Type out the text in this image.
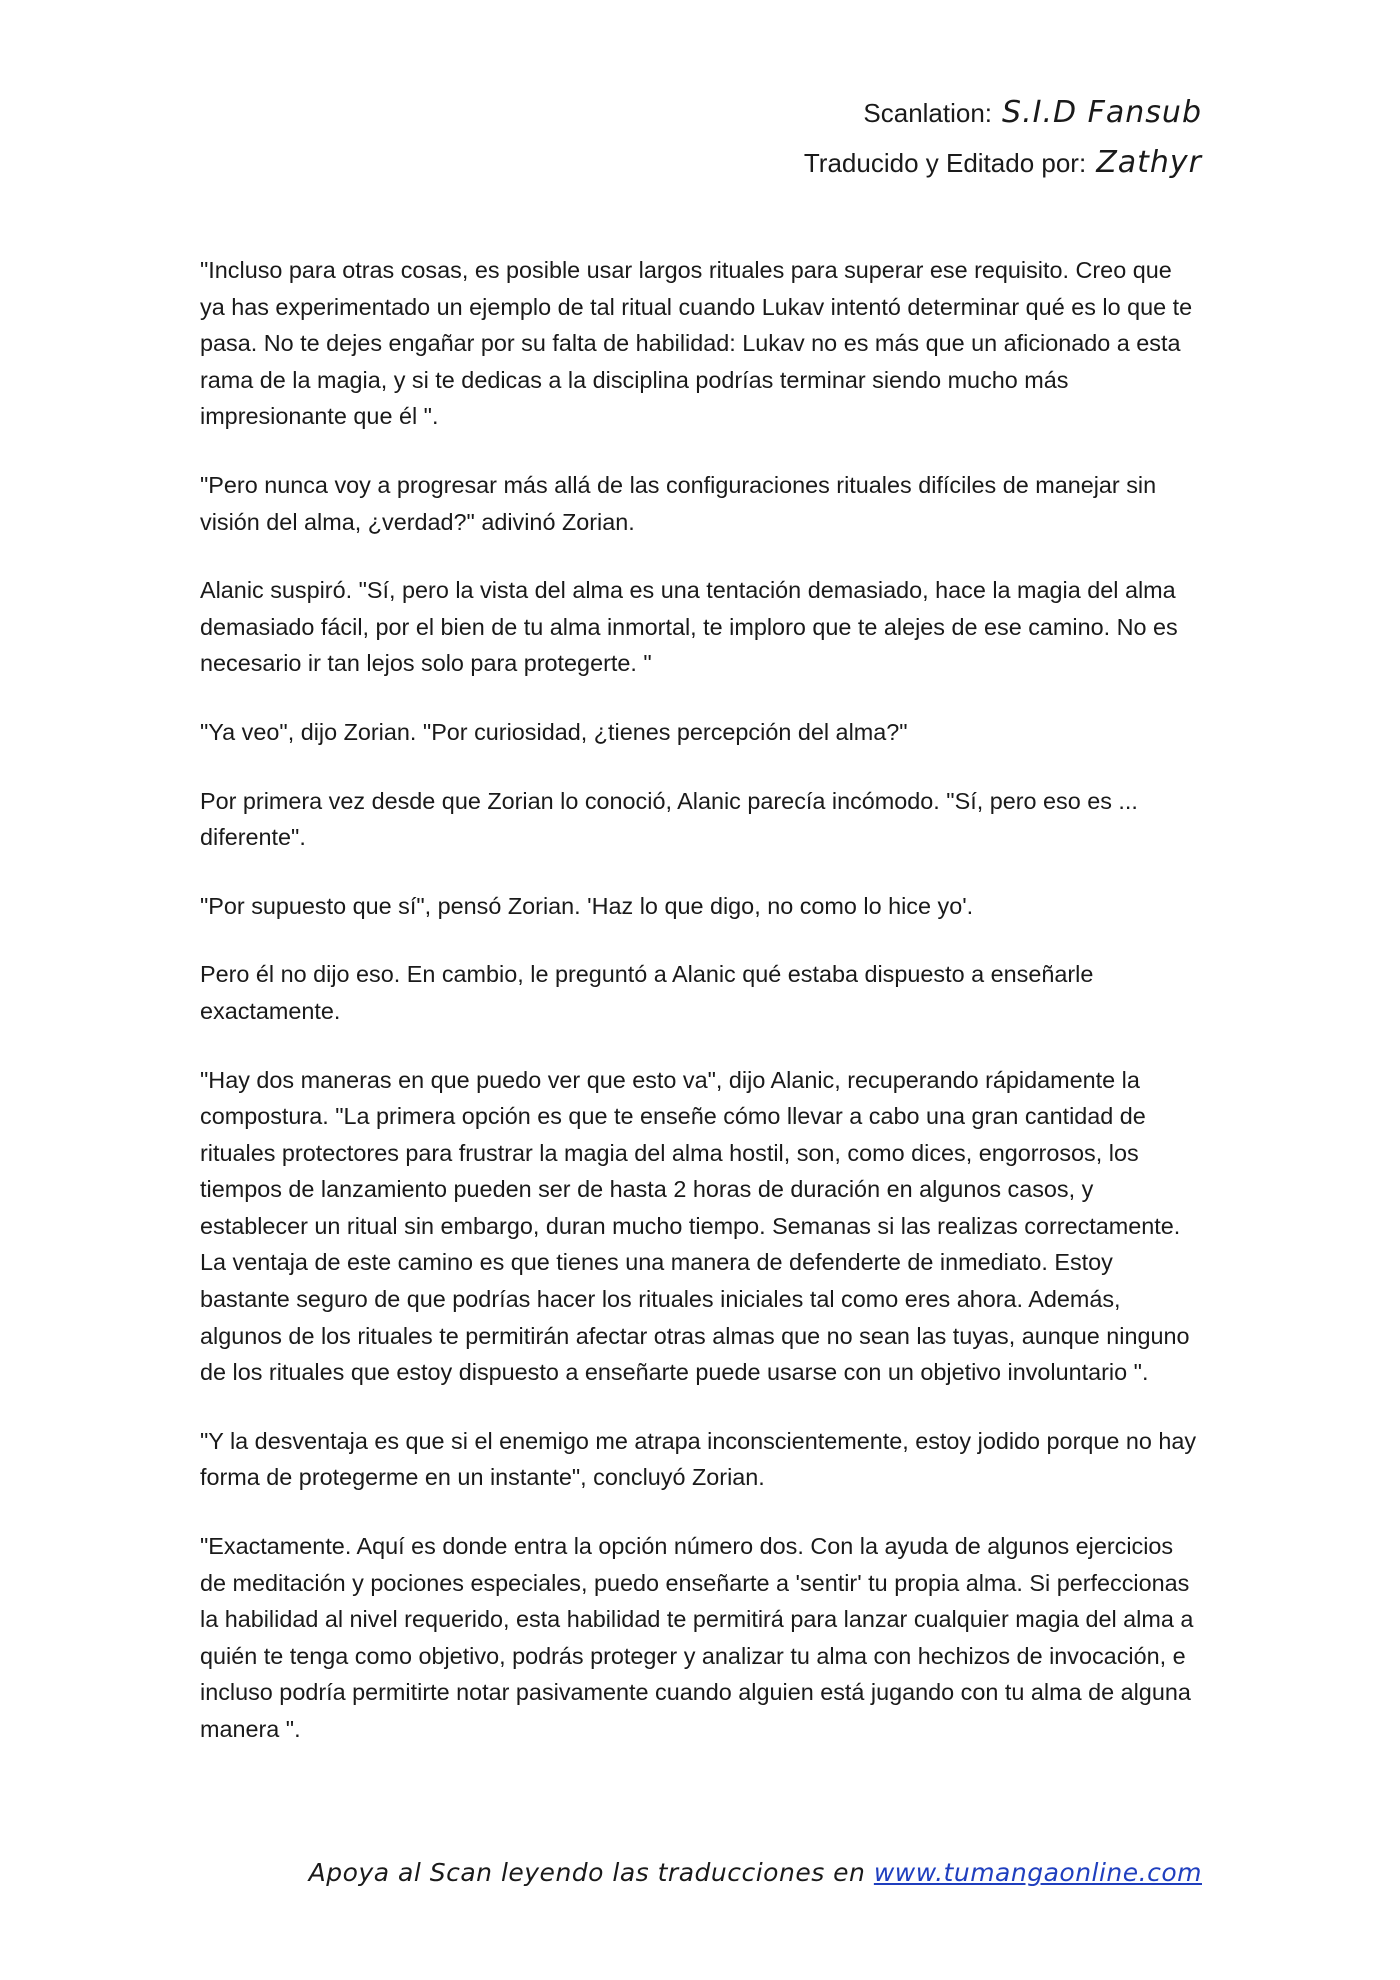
Scanlation: S.I.D Fansub
Traducido y Editado por: Zathyr

"Incluso para otras cosas, es posible usar largos rituales para superar ese requisito. Creo que ya has experimentado un ejemplo de tal ritual cuando Lukav intentó determinar qué es lo que te pasa. No te dejes engañar por su falta de habilidad: Lukav no es más que un aficionado a esta rama de la magia, y si te dedicas a la disciplina podrías terminar siendo mucho más impresionante que él ".

"Pero nunca voy a progresar más allá de las configuraciones rituales difíciles de manejar sin visión del alma, ¿verdad?" adivinó Zorian.

Alanic suspiró. "Sí, pero la vista del alma es una tentación demasiado, hace la magia del alma demasiado fácil, por el bien de tu alma inmortal, te imploro que te alejes de ese camino. No es necesario ir tan lejos solo para protegerte. "

"Ya veo", dijo Zorian. "Por curiosidad, ¿tienes percepción del alma?"

Por primera vez desde que Zorian lo conoció, Alanic parecía incómodo. "Sí, pero eso es ... diferente".

"Por supuesto que sí", pensó Zorian. 'Haz lo que digo, no como lo hice yo'.

Pero él no dijo eso. En cambio, le preguntó a Alanic qué estaba dispuesto a enseñarle exactamente.

"Hay dos maneras en que puedo ver que esto va", dijo Alanic, recuperando rápidamente la compostura. "La primera opción es que te enseñe cómo llevar a cabo una gran cantidad de rituales protectores para frustrar la magia del alma hostil, son, como dices, engorrosos, los tiempos de lanzamiento pueden ser de hasta 2 horas de duración en algunos casos, y establecer un ritual sin embargo, duran mucho tiempo. Semanas si las realizas correctamente. La ventaja de este camino es que tienes una manera de defenderte de inmediato. Estoy bastante seguro de que podrías hacer los rituales iniciales tal como eres ahora. Además, algunos de los rituales te permitirán afectar otras almas que no sean las tuyas, aunque ninguno de los rituales que estoy dispuesto a enseñarte puede usarse con un objetivo involuntario ".

"Y la desventaja es que si el enemigo me atrapa inconscientemente, estoy jodido porque no hay forma de protegerme en un instante", concluyó Zorian.

"Exactamente. Aquí es donde entra la opción número dos. Con la ayuda de algunos ejercicios de meditación y pociones especiales, puedo enseñarte a 'sentir' tu propia alma. Si perfeccionas la habilidad al nivel requerido, esta habilidad te permitirá para lanzar cualquier magia del alma a quién te tenga como objetivo, podrás proteger y analizar tu alma con hechizos de invocación, e incluso podría permitirte notar pasivamente cuando alguien está jugando con tu alma de alguna manera ".

Apoya al Scan leyendo las traducciones en www.tumangaonline.com
